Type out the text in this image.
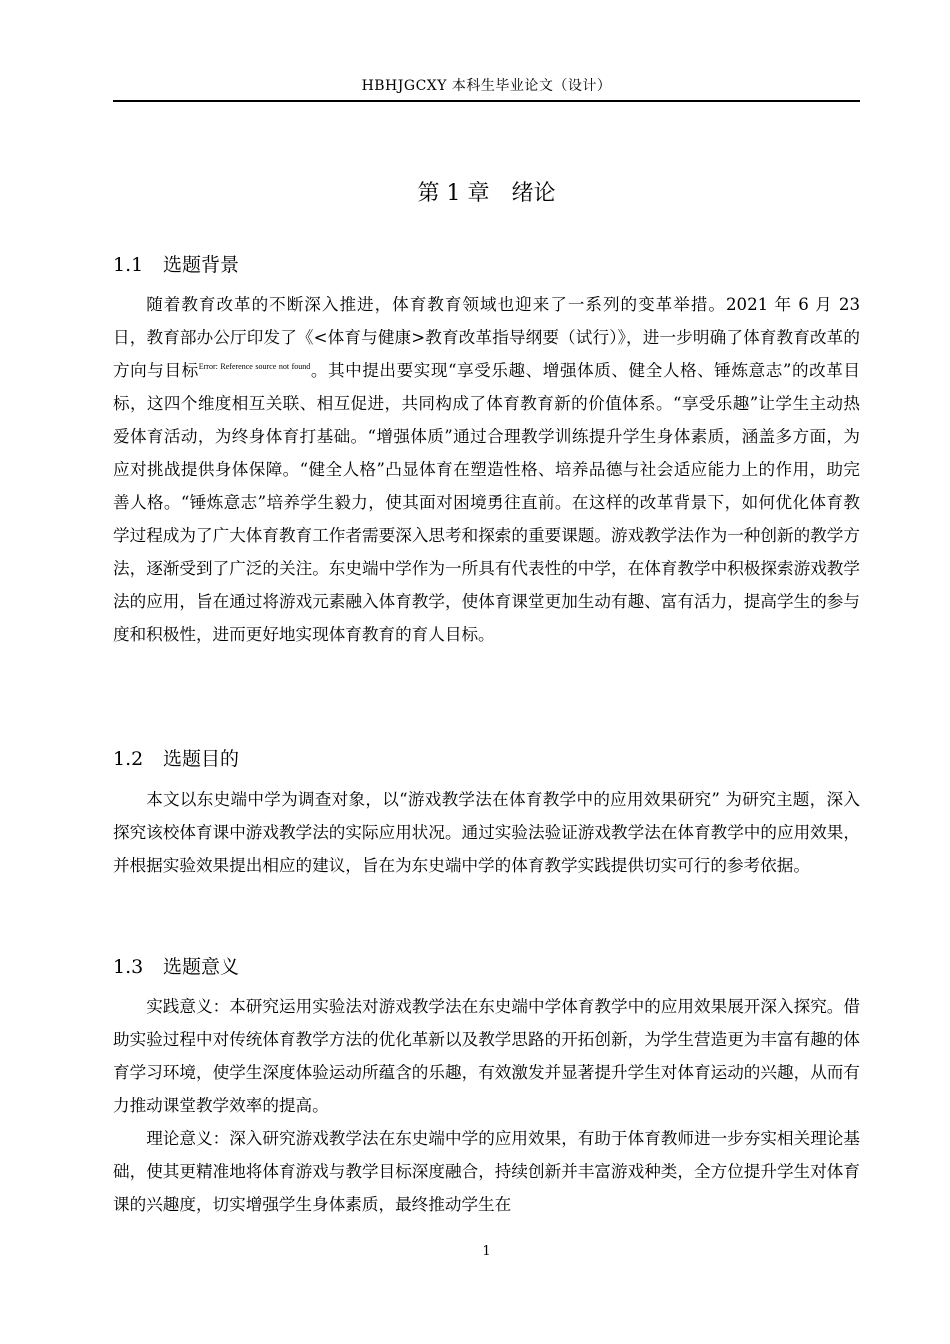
HBHJGCXY 本科生毕业论文（设计）
第 1 章 绪论
1.1 选题背景

随着教育改革的不断深入推进，体育教育领域也迎来了一系列的变革举措。2021 年 6 月 23 日，教育部办公厅印发了《<体育与健康>教育改革指导纲要（试行）》，进一步明确了体育教育改革的方向与目标$^{Error: Reference source not found}$。其中提出要实现“享受乐趣、增强体质、健全人格、锤炼意志”的改革目标，这四个维度相互关联、相互促进，共同构成了体育教育新的价值体系。“享受乐趣”让学生主动热爱体育活动，为终身体育打基础。“增强体质”通过合理教学训练提升学生身体素质，涵盖多方面，为应对挑战提供身体保障。“健全人格”凸显体育在塑造性格、培养品德与社会适应能力上的作用，助完善人格。“锤炼意志”培养学生毅力，使其面对困境勇往直前。在这样的改革背景下，如何优化体育教学过程成为了广大体育教育工作者需要深入思考和探索的重要课题。游戏教学法作为一种创新的教学方法，逐渐受到了广泛的关注。东史端中学作为一所具有代表性的中学，在体育教学中积极探索游戏教学法的应用，旨在通过将游戏元素融入体育教学，使体育课堂更加生动有趣、富有活力，提高学生的参与度和积极性，进而更好地实现体育教育的育人目标。

1.2 选题目的

本文以东史端中学为调查对象，以“游戏教学法在体育教学中的应用效果研究” 为研究主题，深入探究该校体育课中游戏教学法的实际应用状况。通过实验法验证游戏教学法在体育教学中的应用效果，并根据实验效果提出相应的建议，旨在为东史端中学的体育教学实践提供切实可行的参考依据。

1.3 选题意义

实践意义：本研究运用实验法对游戏教学法在东史端中学体育教学中的应用效果展开深入探究。借助实验过程中对传统体育教学方法的优化革新以及教学思路的开拓创新，为学生营造更为丰富有趣的体育学习环境，使学生深度体验运动所蕴含的乐趣，有效激发并显著提升学生对体育运动的兴趣，从而有力推动课堂教学效率的提高。

理论意义：深入研究游戏教学法在东史端中学的应用效果，有助于体育教师进一步夯实相关理论基础，使其更精准地将体育游戏与教学目标深度融合，持续创新并丰富游戏种类，全方位提升学生对体育课的兴趣度，切实增强学生身体素质，最终推动学生在

1
